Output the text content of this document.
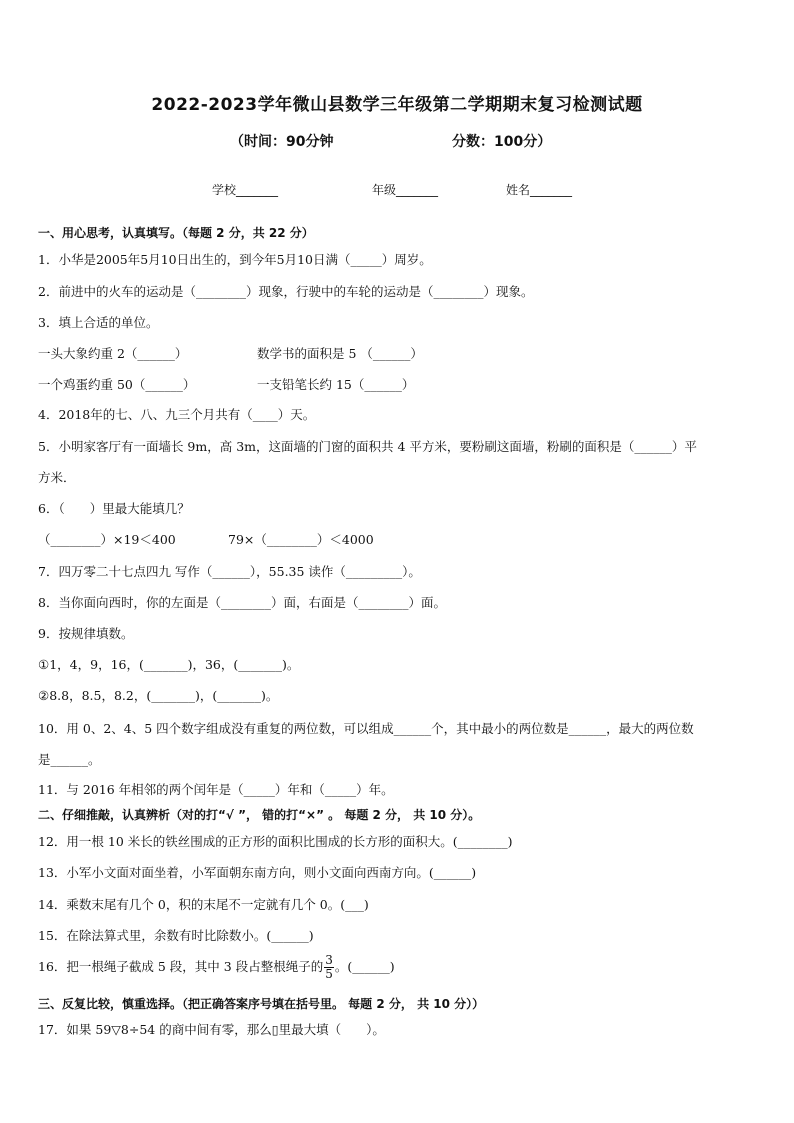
2022-2023学年微山县数学三年级第二学期期末复习检测试题
（时间：90分钟	分数：100分）
学校_______	年级_______	姓名_______
一、用心思考，认真填写。（每题 2 分，共 22 分）
1．小华是2005年5月10日出生的，到今年5月10日满（_____）周岁。
2．前进中的火车的运动是（________）现象，行驶中的车轮的运动是（________）现象。
3．填上合适的单位。
一头大象约重 2（______）	数学书的面积是 5 （______）
一个鸡蛋约重 50（______）	一支铅笔长约 15（______）
4．2018年的七、八、九三个月共有（____）天。
5．小明家客厅有一面墙长 9m，高 3m，这面墙的门窗的面积共 4 平方米，要粉刷这面墙，粉刷的面积是（______）平
方米．
6．（　　）里最大能填几？
（________）×19＜400	79×（________）＜4000
7．四万零二十七点四九 写作（______），55.35 读作（_________）。
8．当你面向西时，你的左面是（________）面，右面是（________）面。
9．按规律填数。
①1，4，9，16，(_______)，36，(_______)。
②8.8，8.5，8.2，(_______)，(_______)。
10．用 0、2、4、5 四个数字组成没有重复的两位数，可以组成______个，其中最小的两位数是______，最大的两位数
是______。
11．与 2016 年相邻的两个闰年是（_____）年和（_____）年。
二、仔细推敲，认真辨析（对的打“√ ”， 错的打“×” 。 每题 2 分， 共 10 分）。
12．用一根 10 米长的铁丝围成的正方形的面积比围成的长方形的面积大。(________)
13．小军小文面对面坐着，小军面朝东南方向，则小文面向西南方向。(______)
14．乘数末尾有几个 0，积的末尾不一定就有几个 0。(___)
15．在除法算式里，余数有时比除数小。(______)
16．把一根绳子截成 5 段，其中 3 段占整根绳子的 $\frac{3}{5}$ 。(______)
三、反复比较，慎重选择。（把正确答案序号填在括号里。 每题 2 分， 共 10 分））
17．如果 59▽8÷54 的商中间有零，那么▯里最大填（　　）。
